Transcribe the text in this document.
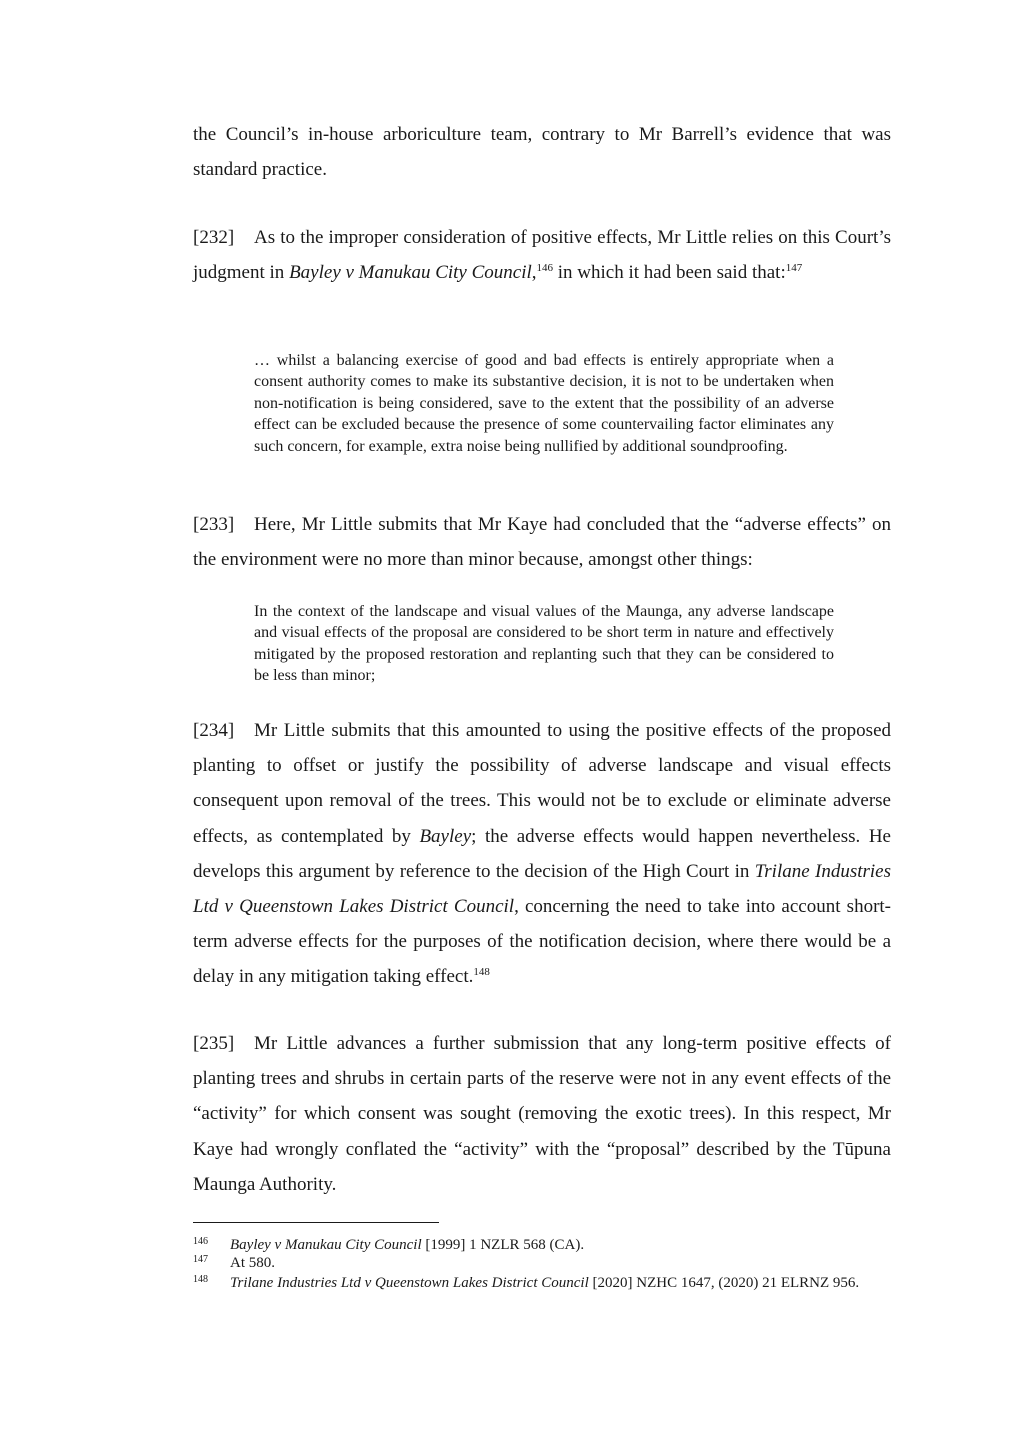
the Council’s in-house arboriculture team, contrary to Mr Barrell’s evidence that was standard practice.

[232] As to the improper consideration of positive effects, Mr Little relies on this Court’s judgment in Bayley v Manukau City Council,$^{146}$ in which it had been said that:$^{147}$

… whilst a balancing exercise of good and bad effects is entirely appropriate when a consent authority comes to make its substantive decision, it is not to be undertaken when non-notification is being considered, save to the extent that the possibility of an adverse effect can be excluded because the presence of some countervailing factor eliminates any such concern, for example, extra noise being nullified by additional soundproofing.

[233] Here, Mr Little submits that Mr Kaye had concluded that the “adverse effects” on the environment were no more than minor because, amongst other things:

In the context of the landscape and visual values of the Maunga, any adverse landscape and visual effects of the proposal are considered to be short term in nature and effectively mitigated by the proposed restoration and replanting such that they can be considered to be less than minor;

[234] Mr Little submits that this amounted to using the positive effects of the proposed planting to offset or justify the possibility of adverse landscape and visual effects consequent upon removal of the trees. This would not be to exclude or eliminate adverse effects, as contemplated by Bayley; the adverse effects would happen nevertheless. He develops this argument by reference to the decision of the High Court in Trilane Industries Ltd v Queenstown Lakes District Council, concerning the need to take into account short-term adverse effects for the purposes of the notification decision, where there would be a delay in any mitigation taking effect.$^{148}$

[235] Mr Little advances a further submission that any long-term positive effects of planting trees and shrubs in certain parts of the reserve were not in any event effects of the “activity” for which consent was sought (removing the exotic trees). In this respect, Mr Kaye had wrongly conflated the “activity” with the “proposal” described by the Tūpuna Maunga Authority.

146 Bayley v Manukau City Council [1999] 1 NZLR 568 (CA).

147 At 580.

148 Trilane Industries Ltd v Queenstown Lakes District Council [2020] NZHC 1647, (2020) 21 ELRNZ 956.
